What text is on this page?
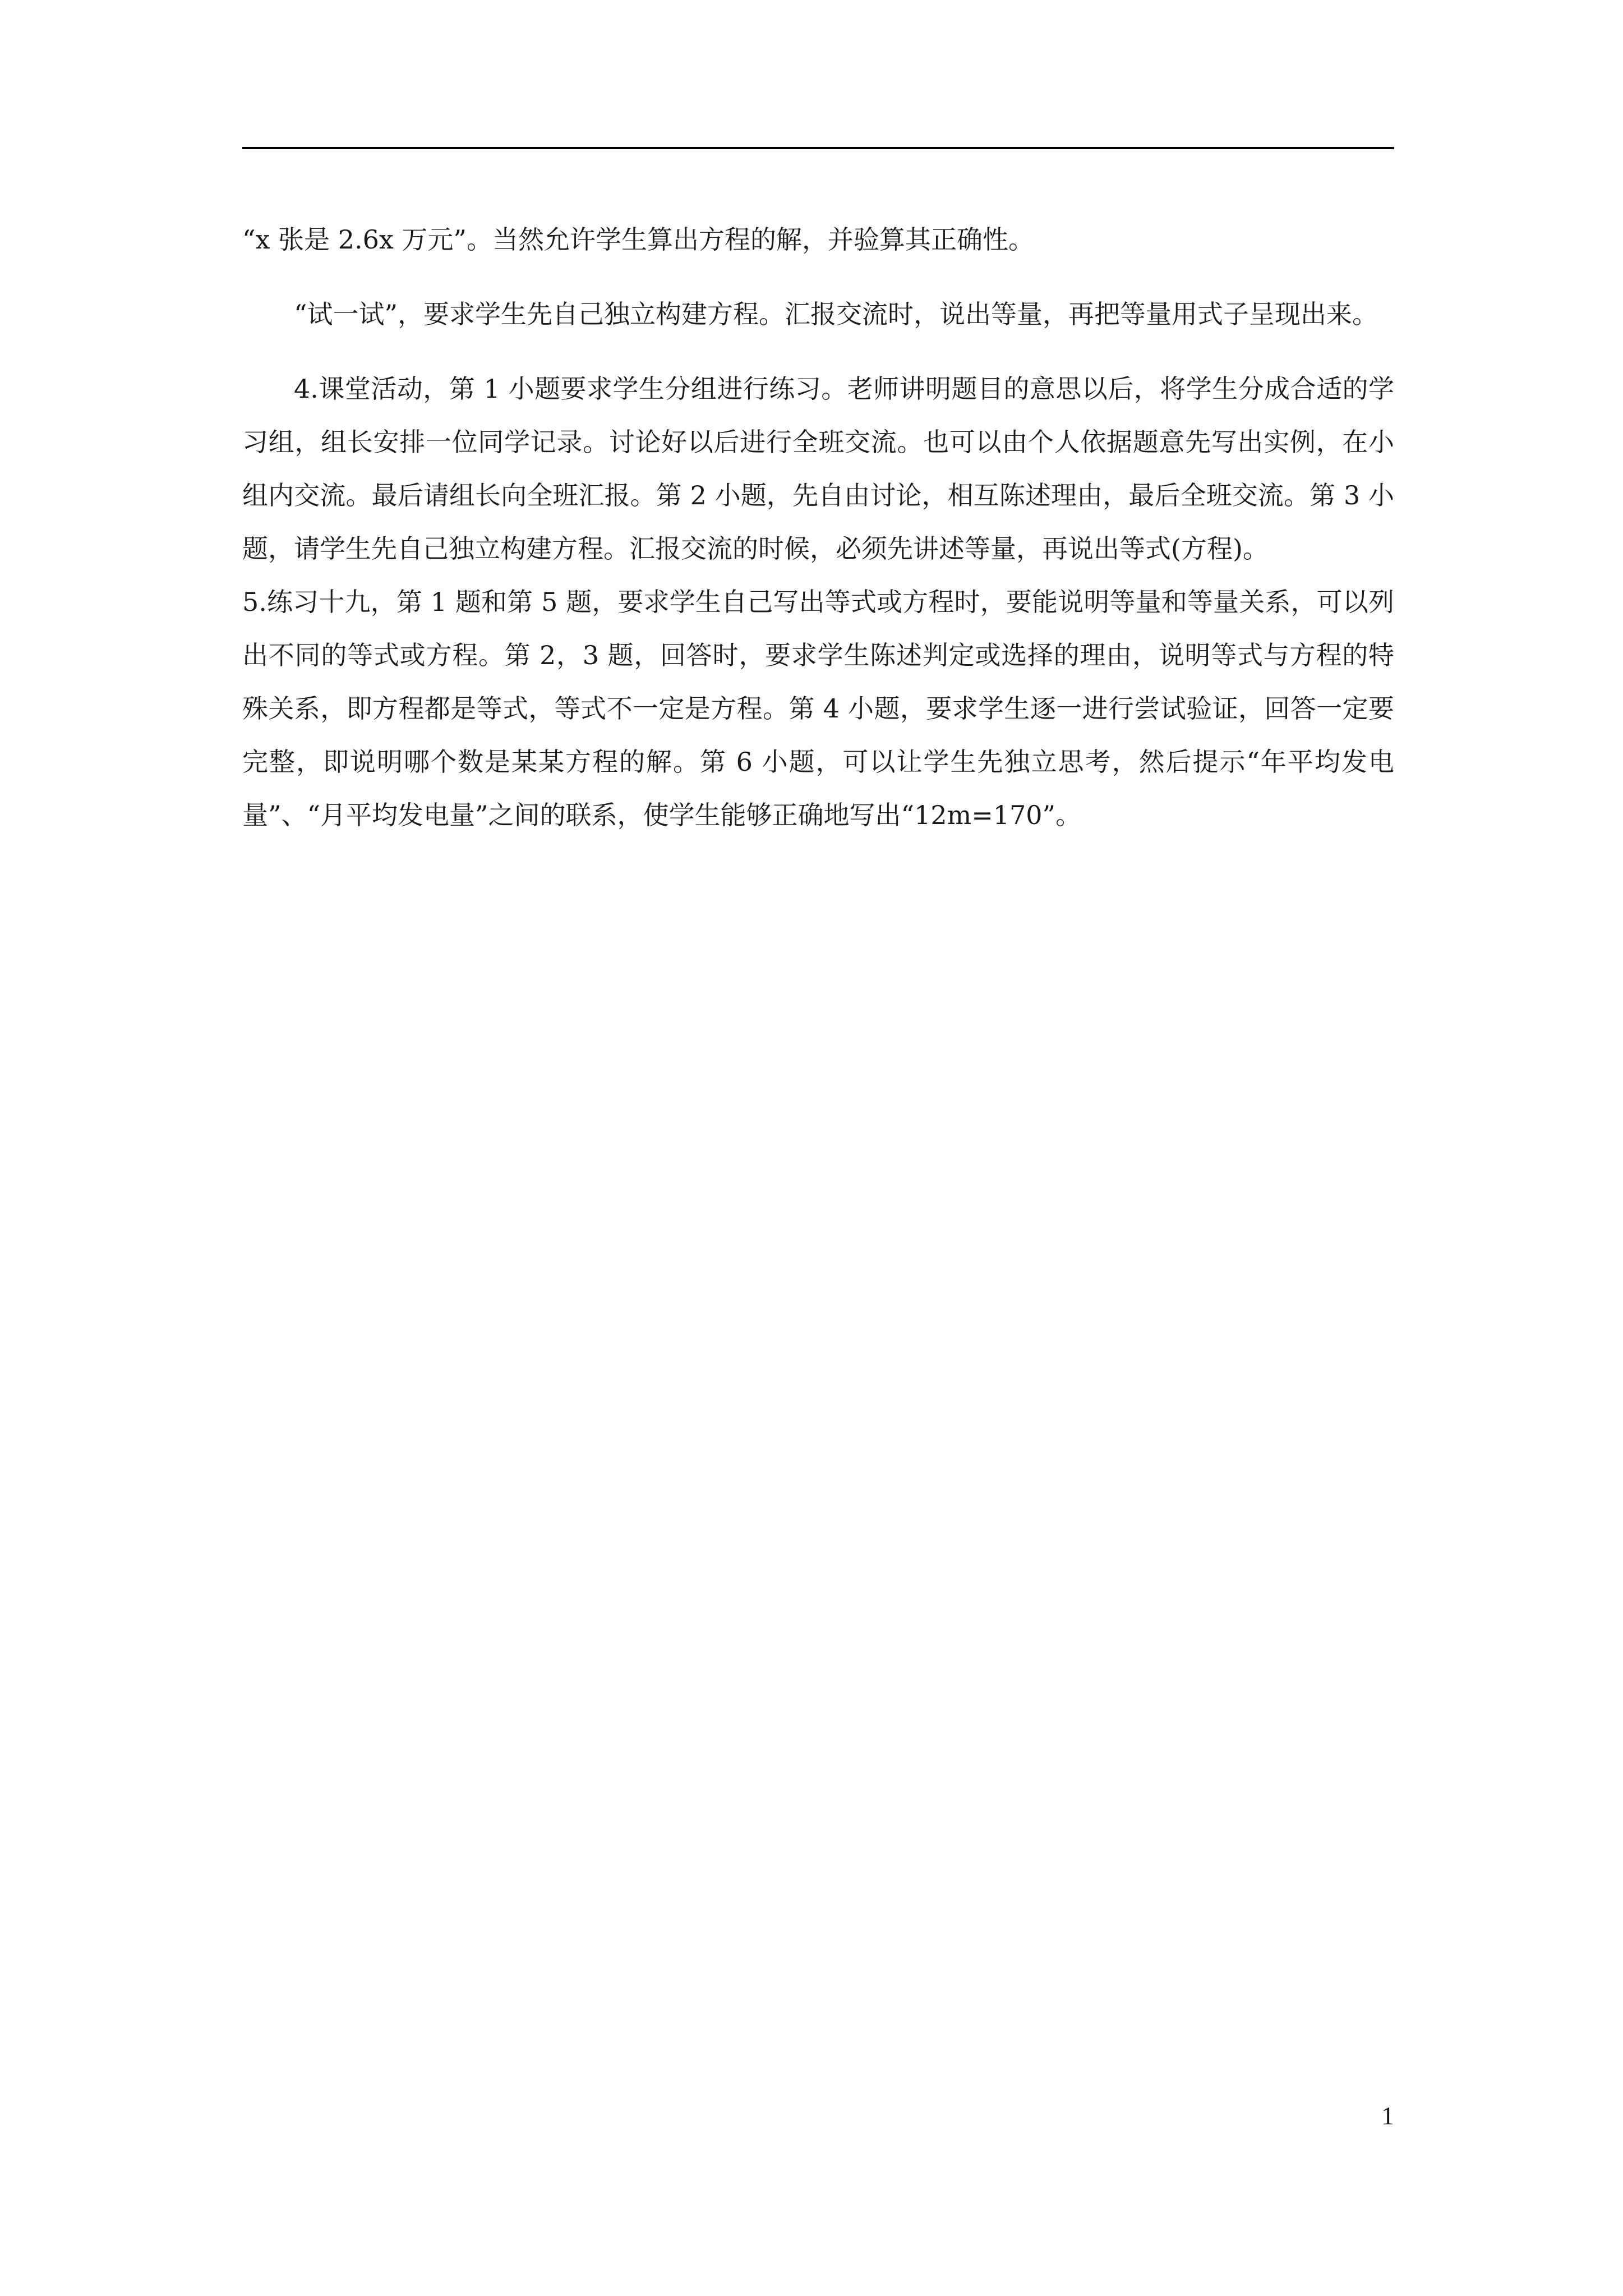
“x 张是 2.6x 万元”。当然允许学生算出方程的解，并验算其正确性。

“试一试”，要求学生先自己独立构建方程。汇报交流时，说出等量，再把等量用式子呈现出来。

4.课堂活动，第 1 小题要求学生分组进行练习。老师讲明题目的意思以后，将学生分成合适的学习组，组长安排一位同学记录。讨论好以后进行全班交流。也可以由个人依据题意先写出实例，在小组内交流。最后请组长向全班汇报。第 2 小题，先自由讨论，相互陈述理由，最后全班交流。第 3 小题，请学生先自己独立构建方程。汇报交流的时候，必须先讲述等量，再说出等式(方程)。

5.练习十九，第 1 题和第 5 题，要求学生自己写出等式或方程时，要能说明等量和等量关系，可以列出不同的等式或方程。第 2，3 题，回答时，要求学生陈述判定或选择的理由，说明等式与方程的特殊关系，即方程都是等式，等式不一定是方程。第 4 小题，要求学生逐一进行尝试验证，回答一定要完整，即说明哪个数是某某方程的解。第 6 小题，可以让学生先独立思考，然后提示“年平均发电量”、“月平均发电量”之间的联系，使学生能够正确地写出“12m=170”。

1
